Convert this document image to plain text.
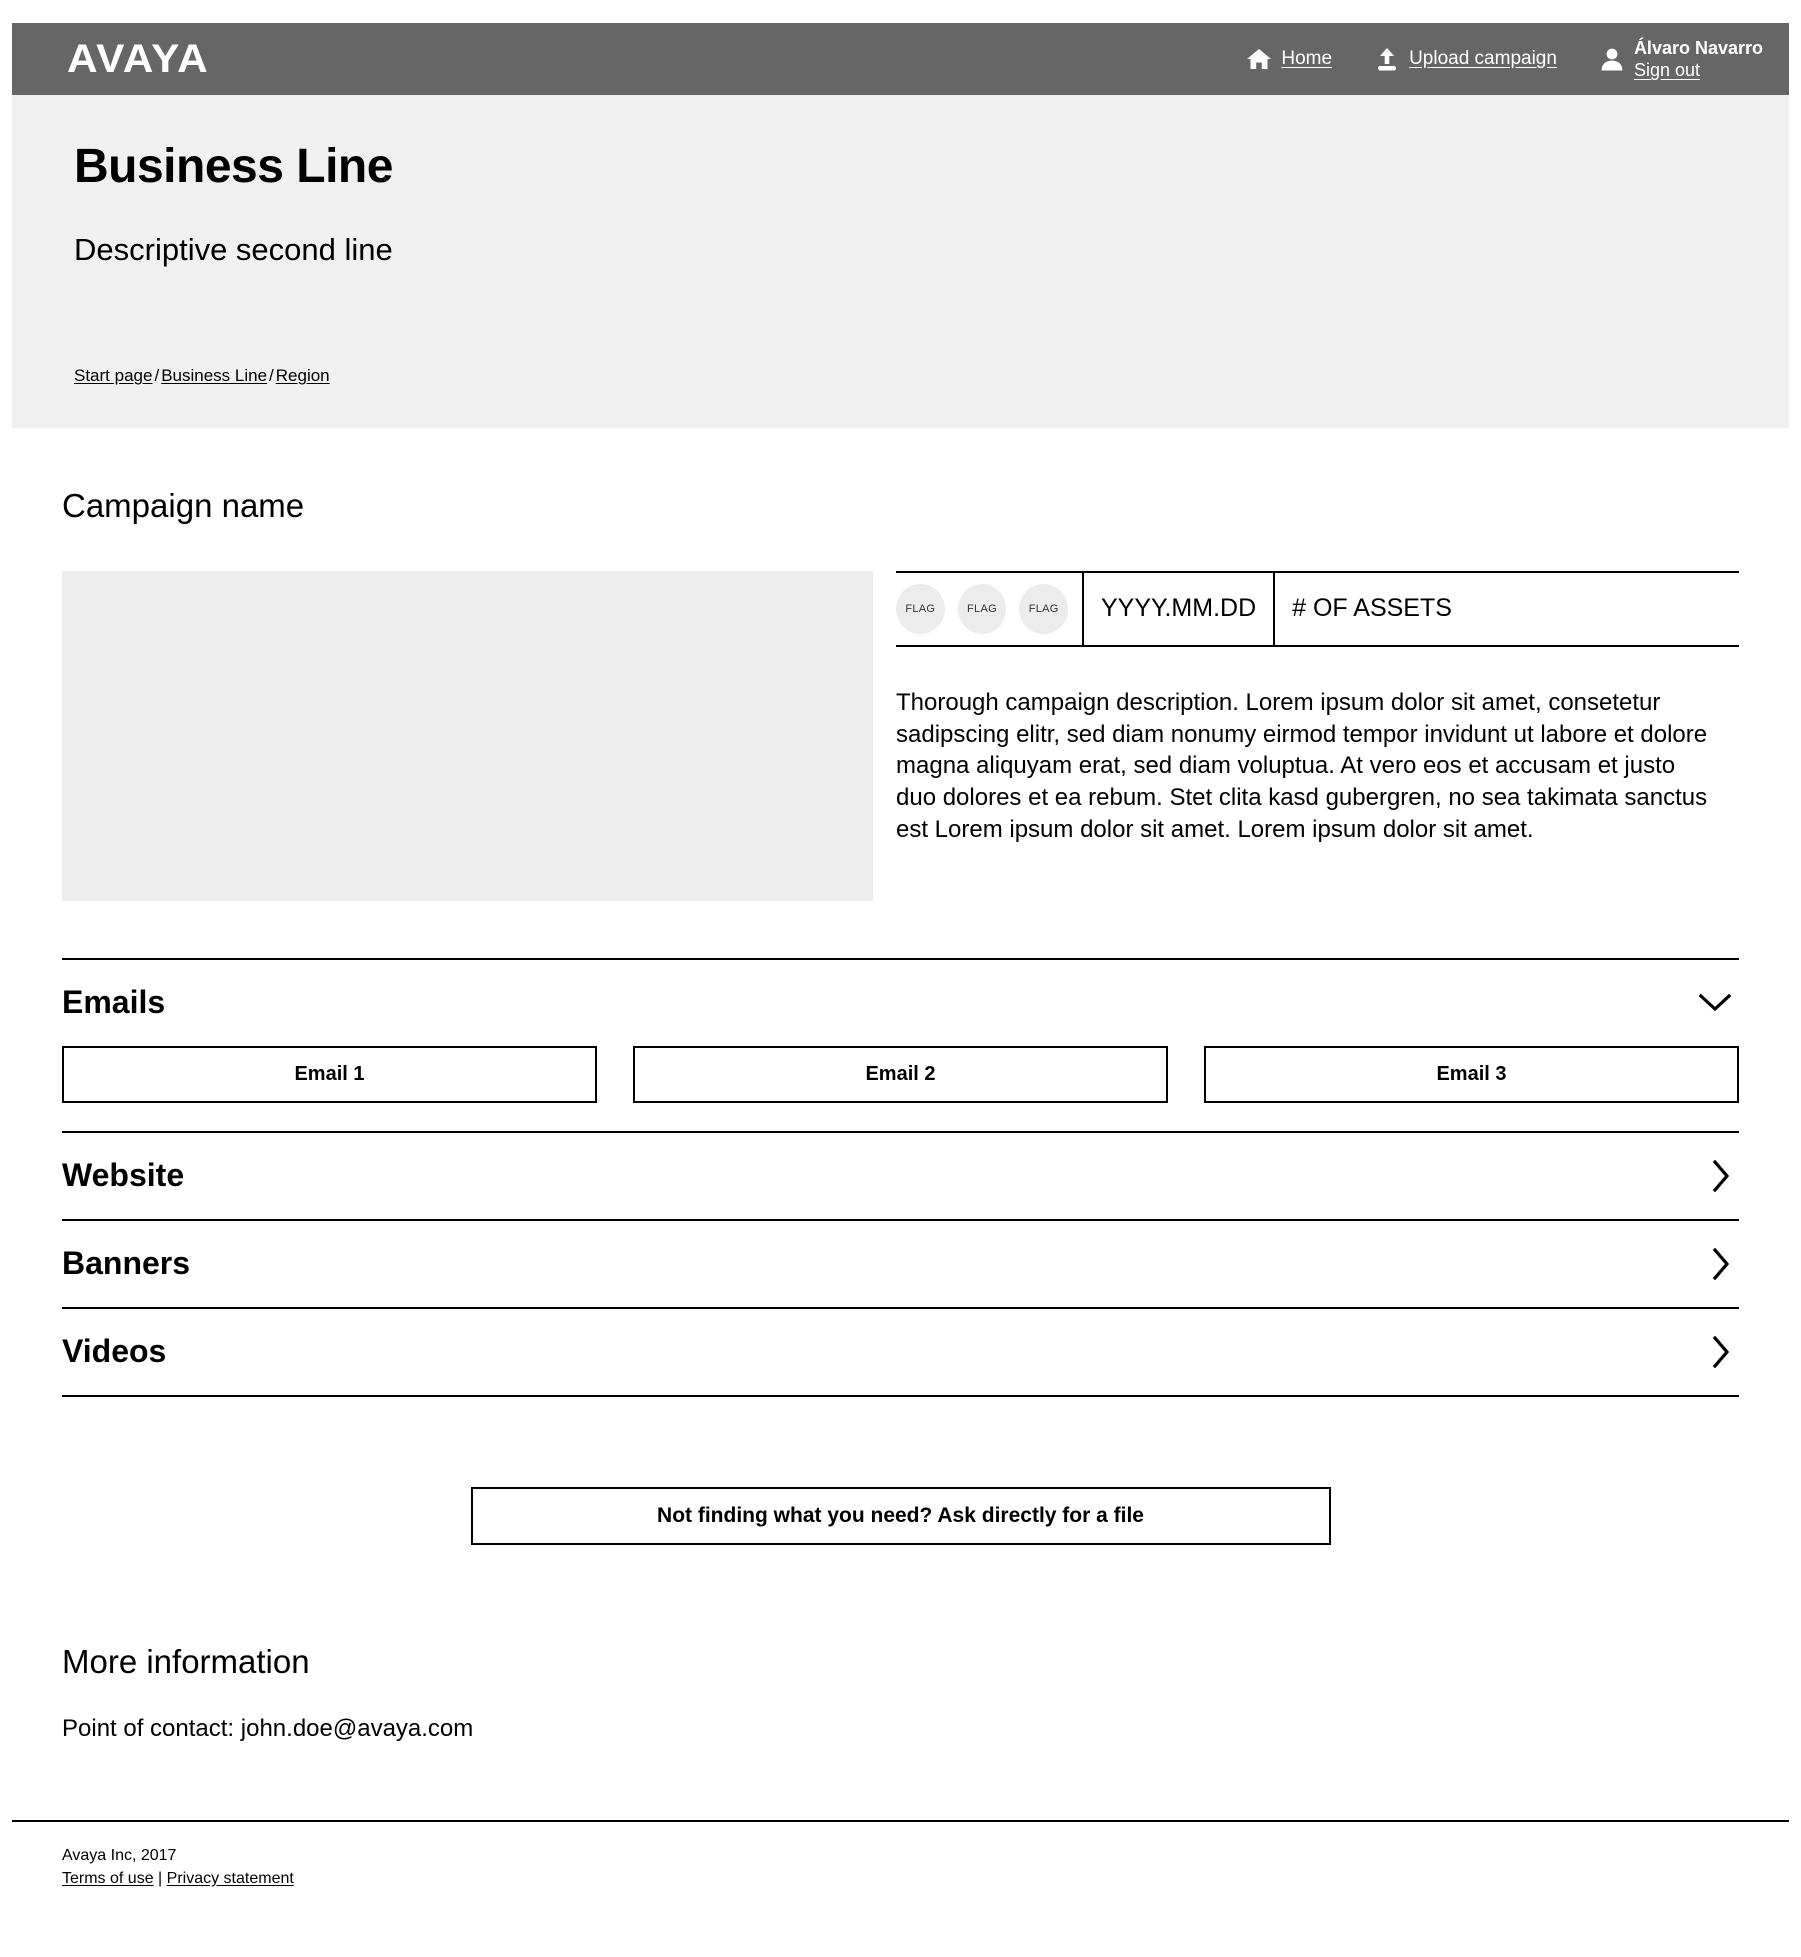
AVAYA	Home	Upload campaign
Álvaro Navarro
Sign out
Business Line
Descriptive second line
Start page / Business Line / Region
Campaign name
FLAG	FLAG	FLAG	YYYY.MM.DD	# OF ASSETS
Thorough campaign description. Lorem ipsum dolor sit amet, consetetur sadipscing elitr, sed diam nonumy eirmod tempor invidunt ut labore et dolore magna aliquyam erat, sed diam voluptua. At vero eos et accusam et justo duo dolores et ea rebum. Stet clita kasd gubergren, no sea takimata sanctus est Lorem ipsum dolor sit amet. Lorem ipsum dolor sit amet.
Emails
Email 1	Email 2	Email 3
Website
Banners
Videos
Not finding what you need? Ask directly for a file
More information
Point of contact: john.doe@avaya.com
Avaya Inc, 2017
Terms of use | Privacy statement
